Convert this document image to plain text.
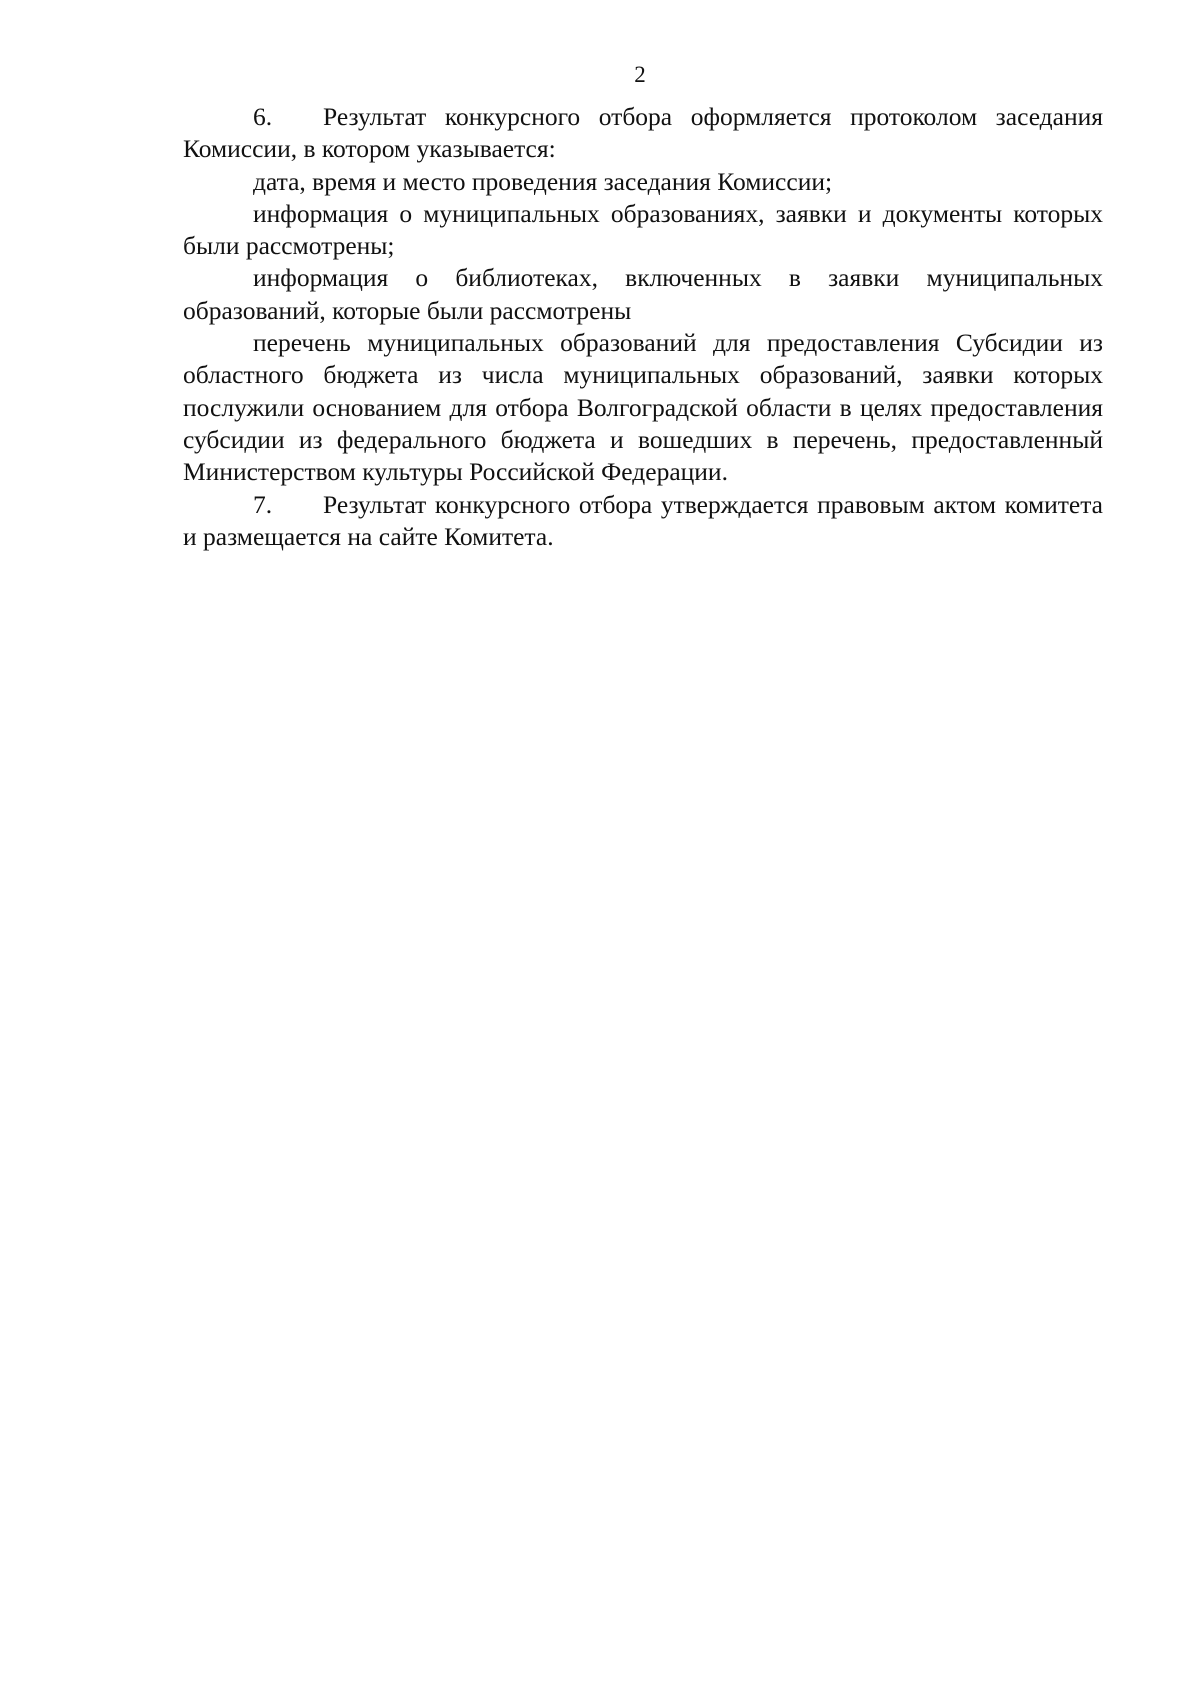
2

6. Результат конкурсного отбора оформляется протоколом заседания Комиссии, в котором указывается:

дата, время и место проведения заседания Комиссии;

информация о муниципальных образованиях, заявки и документы которых были рассмотрены;

информация о библиотеках, включенных в заявки муниципальных образований, которые были рассмотрены

перечень муниципальных образований для предоставления Субсидии из областного бюджета из числа муниципальных образований, заявки которых послужили основанием для отбора Волгоградской области в целях предоставления субсидии из федерального бюджета и вошедших в перечень, предоставленный Министерством культуры Российской Федерации.

7. Результат конкурсного отбора утверждается правовым актом комитета и размещается на сайте Комитета.
